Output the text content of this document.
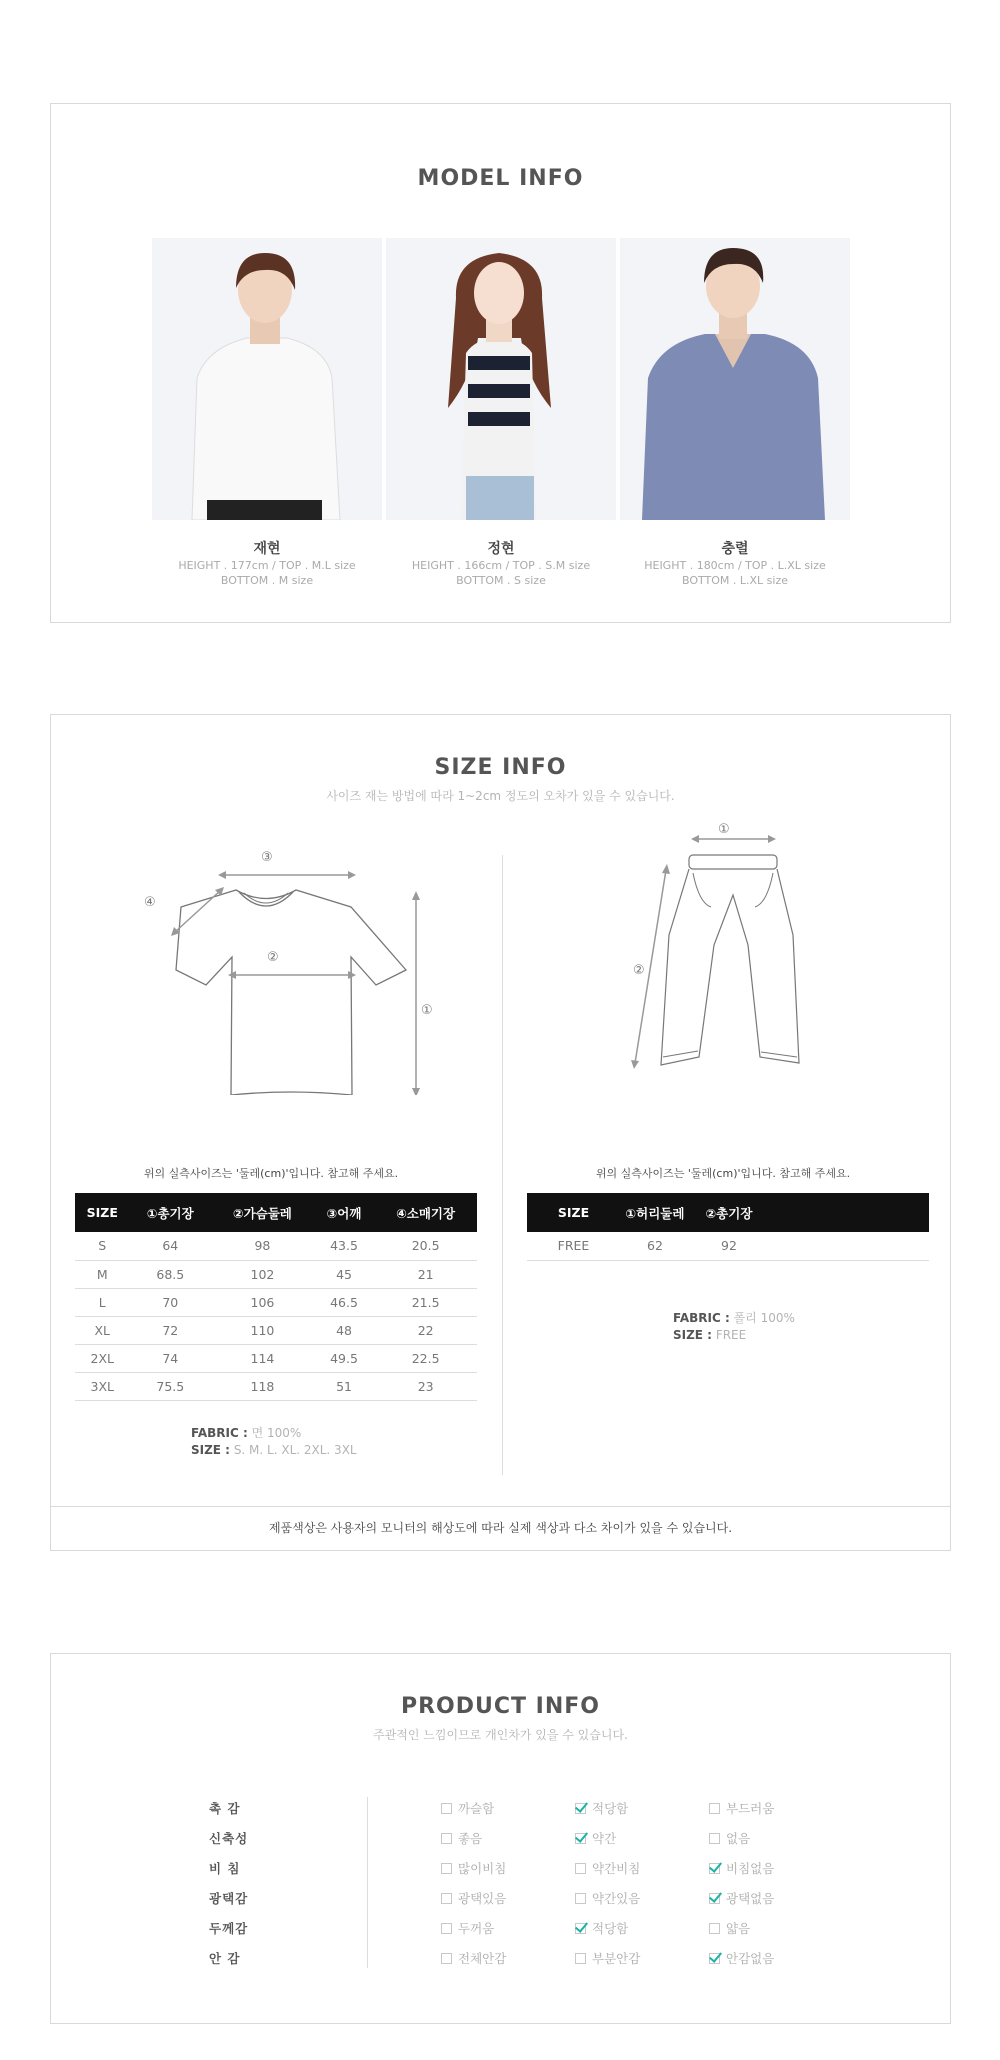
MODEL INFO
재현
HEIGHT . 177cm / TOP . M.L size
BOTTOM . M size
정현
HEIGHT . 166cm / TOP . S.M size
BOTTOM . S size
충렬
HEIGHT . 180cm / TOP . L.XL size
BOTTOM . L.XL size
SIZE INFO
사이즈 재는 방법에 따라 1~2cm 정도의 오차가 있을 수 있습니다.
③
④
②
①
①
②
위의 실측사이즈는 '둘레(cm)'입니다. 참고해 주세요.	위의 실측사이즈는 '둘레(cm)'입니다. 참고해 주세요.
SIZE	①총기장	②가슴둘레	③어깨	④소매기장
S	64	98	43.5	20.5
M	68.5	102	45	21
L	70	106	46.5	21.5
XL	72	110	48	22
2XL	74	114	49.5	22.5
3XL	75.5	118	51	23
SIZE	①허리둘레	②총기장	
FREE	62	92	
FABRIC : 면 100%
SIZE : S. M. L. XL. 2XL. 3XL
FABRIC : 폴리 100%
SIZE : FREE
제품색상은 사용자의 모니터의 해상도에 따라 실제 색상과 다소 차이가 있을 수 있습니다.
PRODUCT INFO
주관적인 느낌이므로 개인차가 있을 수 있습니다.
촉 감	까슬함	적당함	부드러움
신축성	좋음	약간	없음
비 침	많이비침	약간비침	비침없음
광택감	광택있음	약간있음	광택없음
두께감	두꺼움	적당함	얇음
안 감	전체안감	부분안감	안감없음
